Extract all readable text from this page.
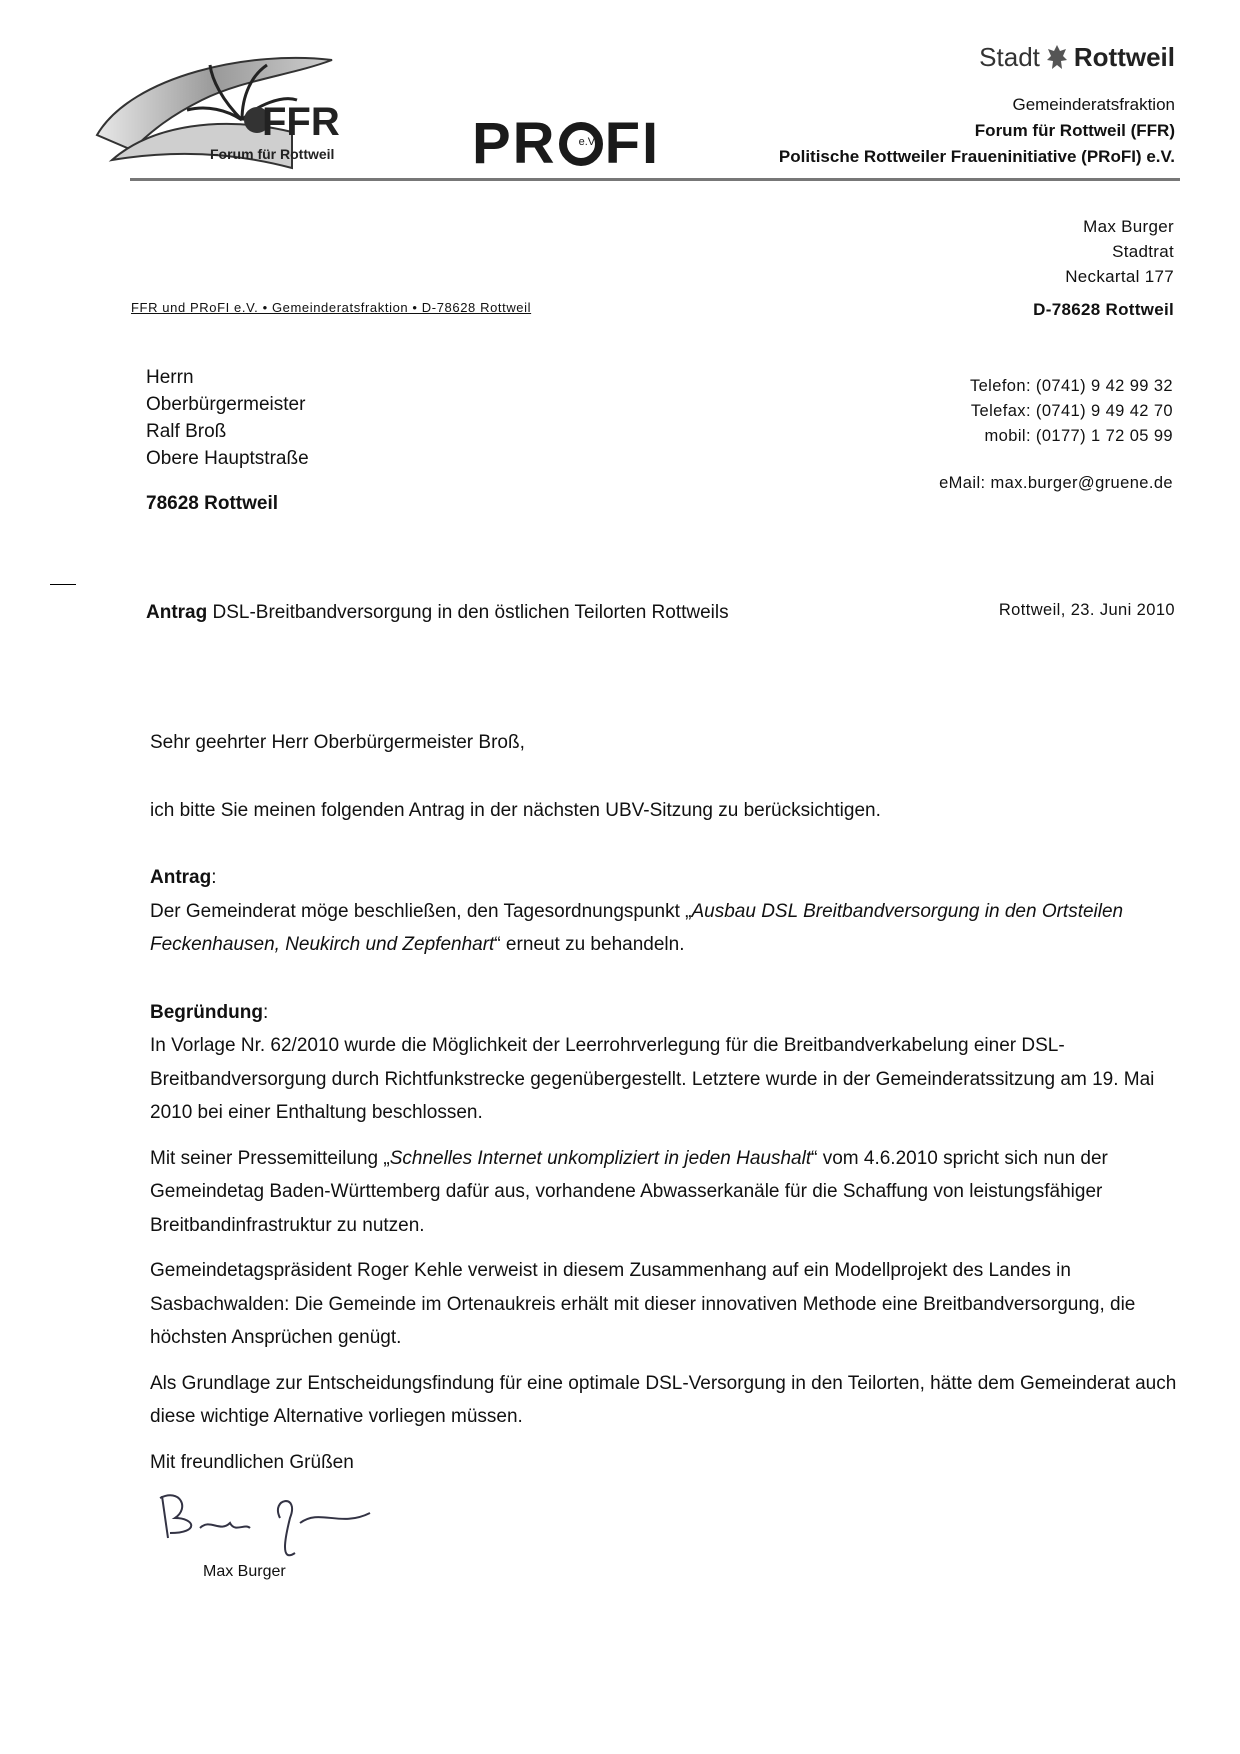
FFR
Forum für Rottweil PR e.V. FI
Stadt Rottweil
Gemeinderatsfraktion
Forum für Rottweil (FFR)
Politische Rottweiler Fraueninitiative (PRoFI) e.V.
Max Burger
Stadtrat
Neckartal 177
D-78628 Rottweil
FFR und PRoFI e.V. • Gemeinderatsfraktion • D-78628 Rottweil
Herrn
Oberbürgermeister
Ralf Broß
Obere Hauptstraße
78628 Rottweil
Telefon: (0741) 9 42 99 32
Telefax: (0741) 9 49 42 70
mobil: (0177) 1 72 05 99
eMail: max.burger@gruene.de
Antrag DSL-Breitbandversorgung in den östlichen Teilorten Rottweils	Rottweil, 23. Juni 2010

Sehr geehrter Herr Oberbürgermeister Broß,

ich bitte Sie meinen folgenden Antrag in der nächsten UBV-Sitzung zu berücksichtigen.

Antrag:

Der Gemeinderat möge beschließen, den Tagesordnungspunkt „Ausbau DSL Breitbandversorgung in den Ortsteilen Feckenhausen, Neukirch und Zepfenhart“ erneut zu behandeln.

Begründung:

In Vorlage Nr. 62/2010 wurde die Möglichkeit der Leerrohrverlegung für die Breitbandverkabelung einer DSL-Breitbandversorgung durch Richtfunkstrecke gegenübergestellt. Letztere wurde in der Gemeinderatssitzung am 19. Mai 2010 bei einer Enthaltung beschlossen.

Mit seiner Pressemitteilung „Schnelles Internet unkompliziert in jeden Haushalt“ vom 4.6.2010 spricht sich nun der Gemeindetag Baden-Württemberg dafür aus, vorhandene Abwasserkanäle für die Schaffung von leistungsfähiger Breitbandinfrastruktur zu nutzen.

Gemeindetagspräsident Roger Kehle verweist in diesem Zusammenhang auf ein Modellprojekt des Landes in Sasbachwalden: Die Gemeinde im Ortenaukreis erhält mit dieser innovativen Methode eine Breitbandversorgung, die höchsten Ansprüchen genügt.

Als Grundlage zur Entscheidungsfindung für eine optimale DSL-Versorgung in den Teilorten, hätte dem Gemeinderat auch diese wichtige Alternative vorliegen müssen.

Mit freundlichen Grüßen

Max Burger
